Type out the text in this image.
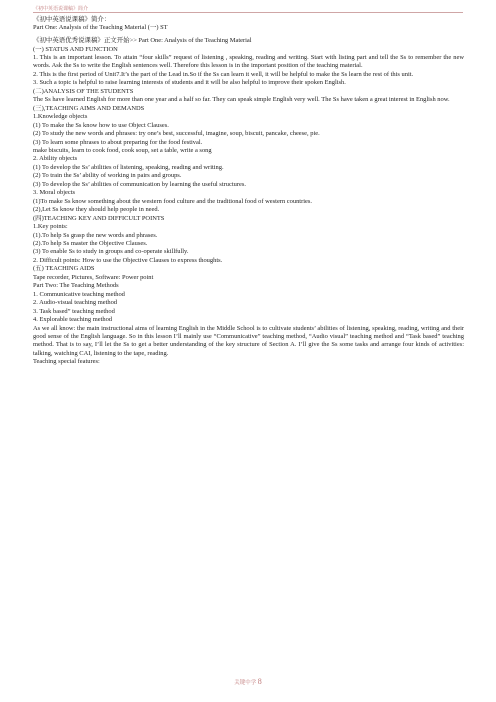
《初中英语说课稿》简介
《初中英语说课稿》简介：
Part One: Analysis of the Teaching Material (一) ST
《初中英语优秀说课稿》正文开始>> Part One: Analysis of the Teaching Material
(一) STATUS AND FUNCTION
1. This is an important lesson. To attain “four skills” request of listening , speaking, reading and writing. Start with listing part and tell the Ss to remember the new words. Ask the Ss to write the English sentences well. Therefore this lesson is in the important position of the teaching material.
2. This is the first period of Unit7.It’s the part of the Lead in.So if the Ss can learn it well, it will be helpful to make the Ss learn the rest of this unit.
3. Such a topic is helpful to raise learning interests of students and it will be also helpful to improve their spoken English.
(二)ANALYSIS OF THE STUDENTS
The Ss have learned English for more than one year and a half so far. They can speak simple English very well. The Ss have taken a great interest in English now.
(三),TEACHING AIMS AND DEMANDS
1.Knowledge objects
(1) To make the Ss know how to use Object Clauses.
(2) To study the new words and phrases: try one’s best, successful, imagine, soup, biscuit, pancake, cheese, pie.
(3) To learn some phrases to about preparing for the food festival.
make biscuits, learn to cook food, cook soup, set a table, write a song
2. Ability objects
(1) To develop the Ss’ abilities of listening, speaking, reading and writing.
(2) To train the Ss’ ability of working in pairs and groups.
(3) To develop the Ss’ abilities of communication by learning the useful structures.
3. Moral objects
(1)To make Ss know something about the western food culture and the traditional food of western countries.
(2),Let Ss know they should help people in need.
(四)TEACHING KEY AND DIFFICULT POINTS
1.Key points:
(1).To help Ss grasp the new words and phrases.
(2).To help Ss master the Objective Clauses.
(3) To enable Ss to study in groups and co-operate skillfully.
2. Difficult points: How to use the Objective Clauses to express thoughts.
(五) TEACHING AIDS
Tape recorder, Pictures, Software: Power point
Part Two: The Teaching Methods
1. Communicative teaching method
2. Audio-visual teaching method
3. Task based” teaching method
4. Explorable teaching method
As we all know: the main instructional aims of learning English in the Middle School is to cultivate students’ abilities of listening, speaking, reading, writing and their good sense of the English language. So in this lesson I’ll mainly use “Communicative” teaching method, “Audio visual” teaching method and “Task based” teaching method. That is to say, I’ll let the Ss to get a better understanding of the key structure of Section A. I’ll give the Ss some tasks and arrange four kinds of activities: talking, watching CAI, listening to the tape, reading.
Teaching special features:
关键中学 8
